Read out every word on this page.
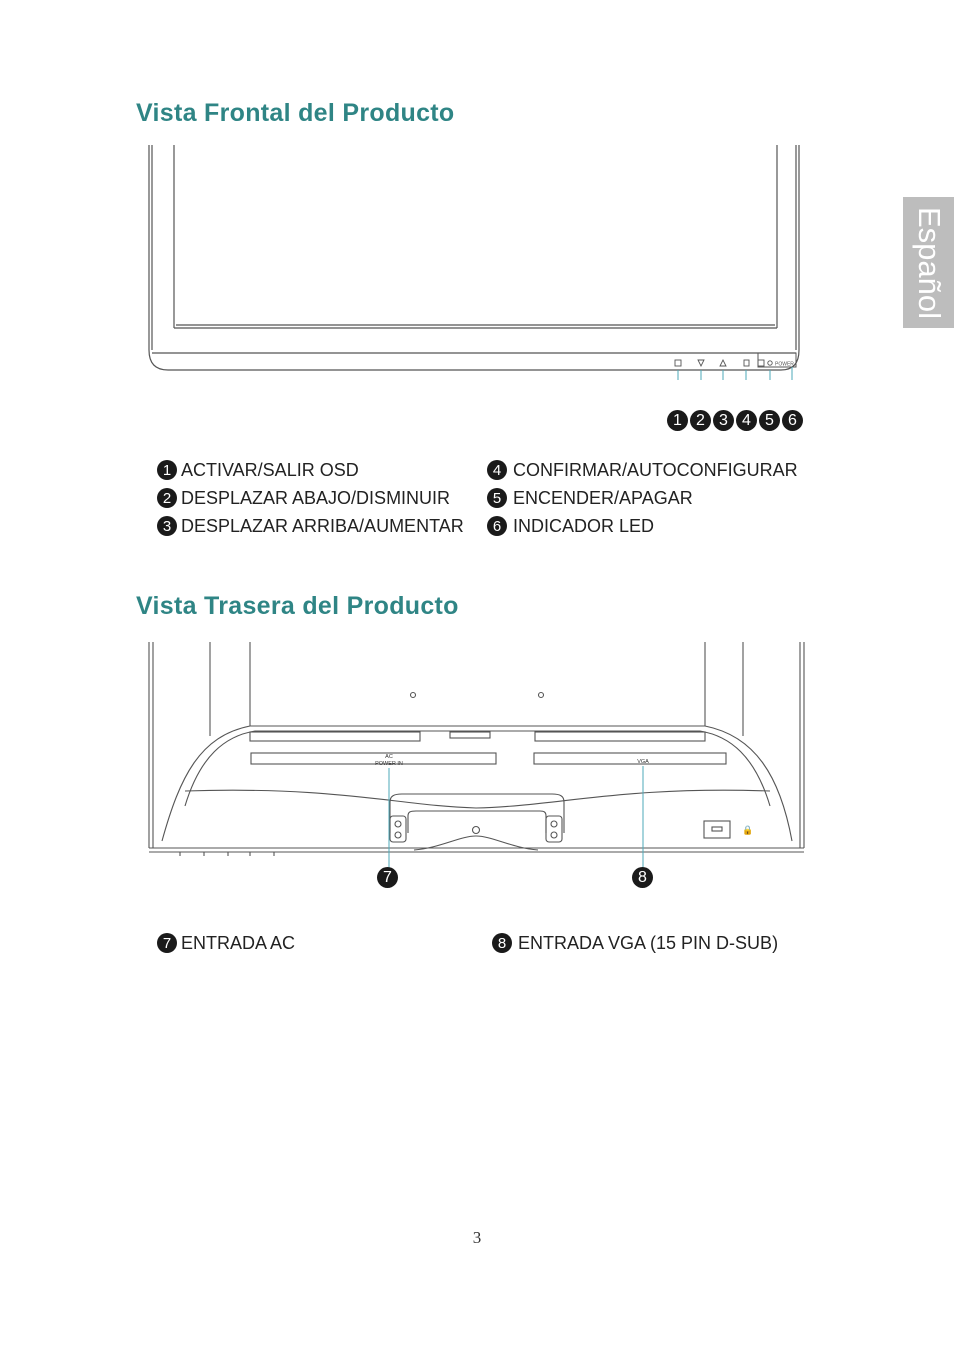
Español
Vista Frontal del Producto
POWER
1 2 3 4 5 6
1 ACTIVAR/SALIR OSD
2 DESPLAZAR ABAJO/DISMINUIR
3 DESPLAZAR ARRIBA/AUMENTAR
4 CONFIRMAR/AUTOCONFIGURAR
5 ENCENDER/APAGAR
6 INDICADOR LED
Vista Trasera del Producto
🔒
AC
POWER IN	VGA
7	8
7 ENTRADA AC	8 ENTRADA VGA (15 PIN D-SUB)
3
